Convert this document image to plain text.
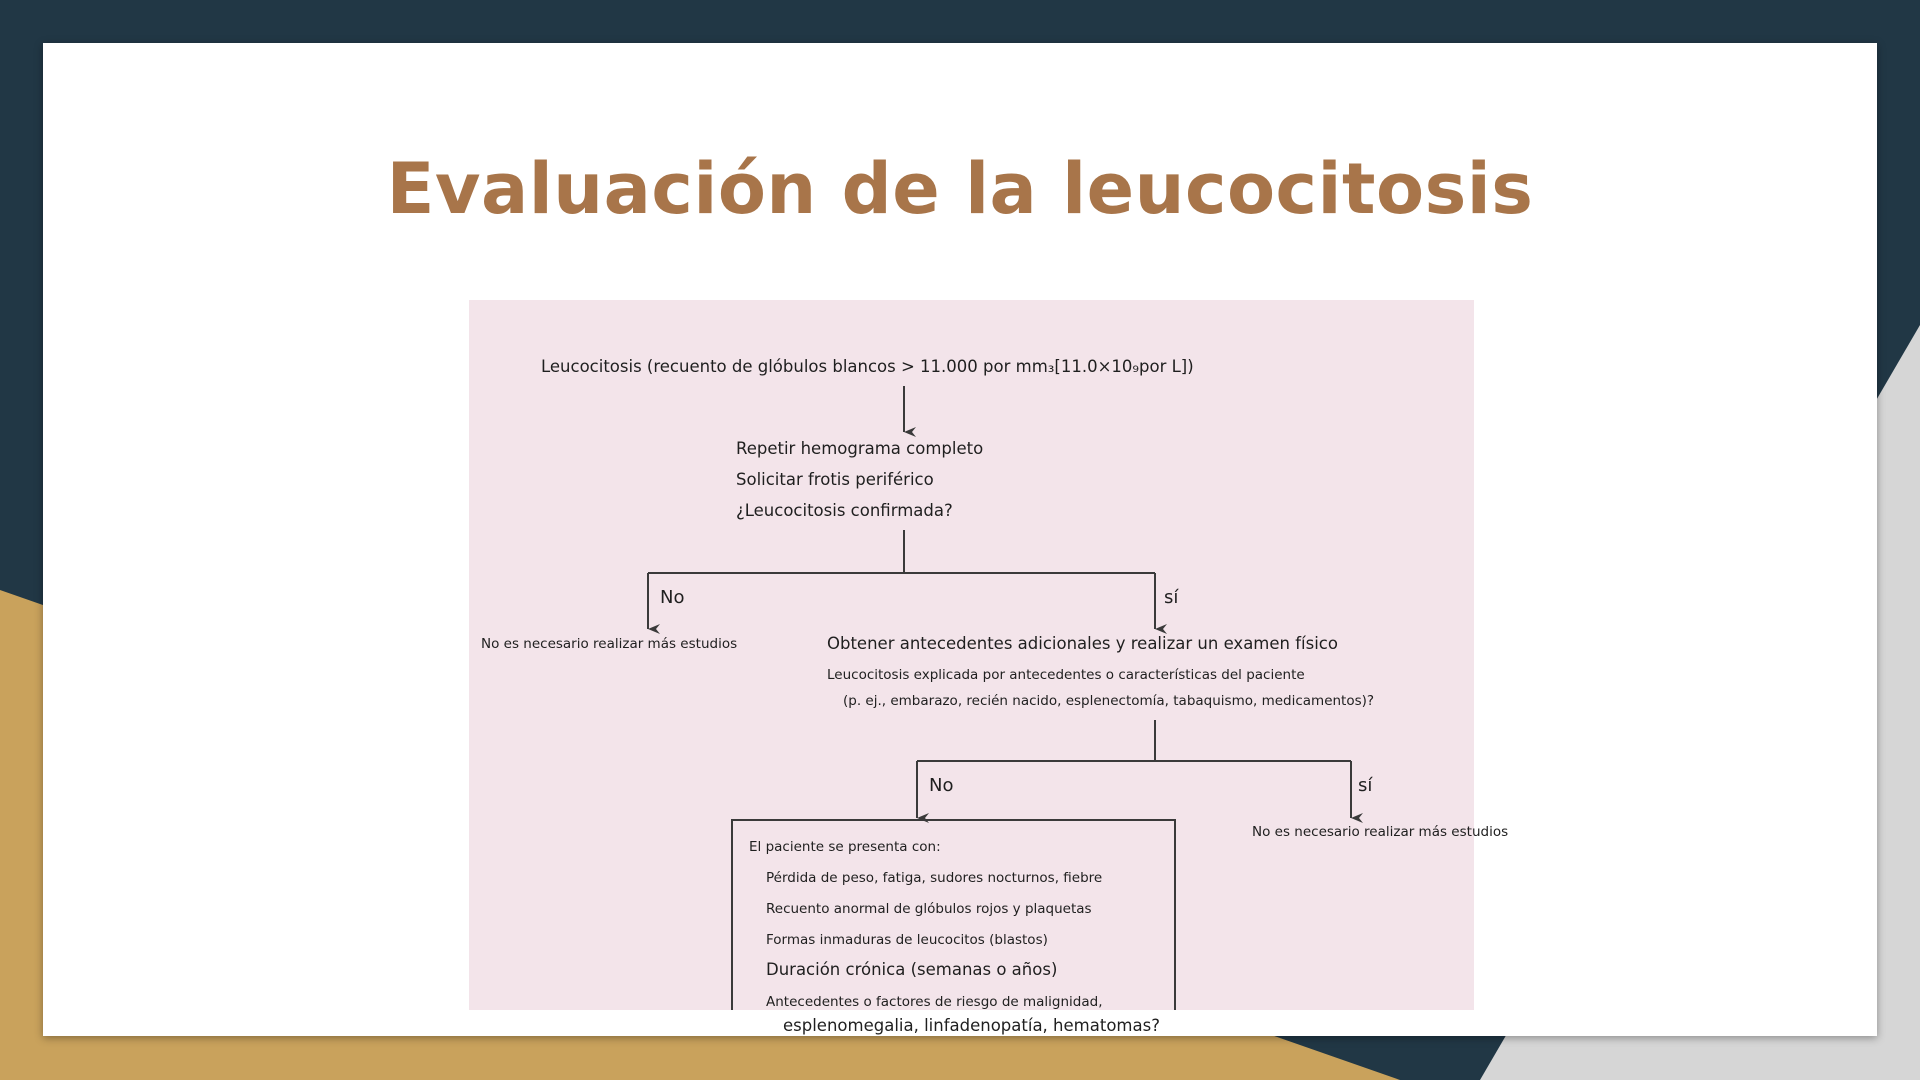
Evaluación de la leucocitosis
Leucocitosis (recuento de glóbulos blancos > 11.000 por mm₃[11.0×10₉por L])
Repetir hemograma completo
Solicitar frotis periférico
¿Leucocitosis confirmada?
No	sí
No es necesario realizar más estudios	Obtener antecedentes adicionales y realizar un examen físico
Leucocitosis explicada por antecedentes o características del paciente
(p. ej., embarazo, recién nacido, esplenectomía, tabaquismo, medicamentos)?
No	sí
No es necesario realizar más estudios
El paciente se presenta con:
Pérdida de peso, fatiga, sudores nocturnos, fiebre
Recuento anormal de glóbulos rojos y plaquetas
Formas inmaduras de leucocitos (blastos)
Duración crónica (semanas o años)
Antecedentes o factores de riesgo de malignidad,
esplenomegalia, linfadenopatía, hematomas?
